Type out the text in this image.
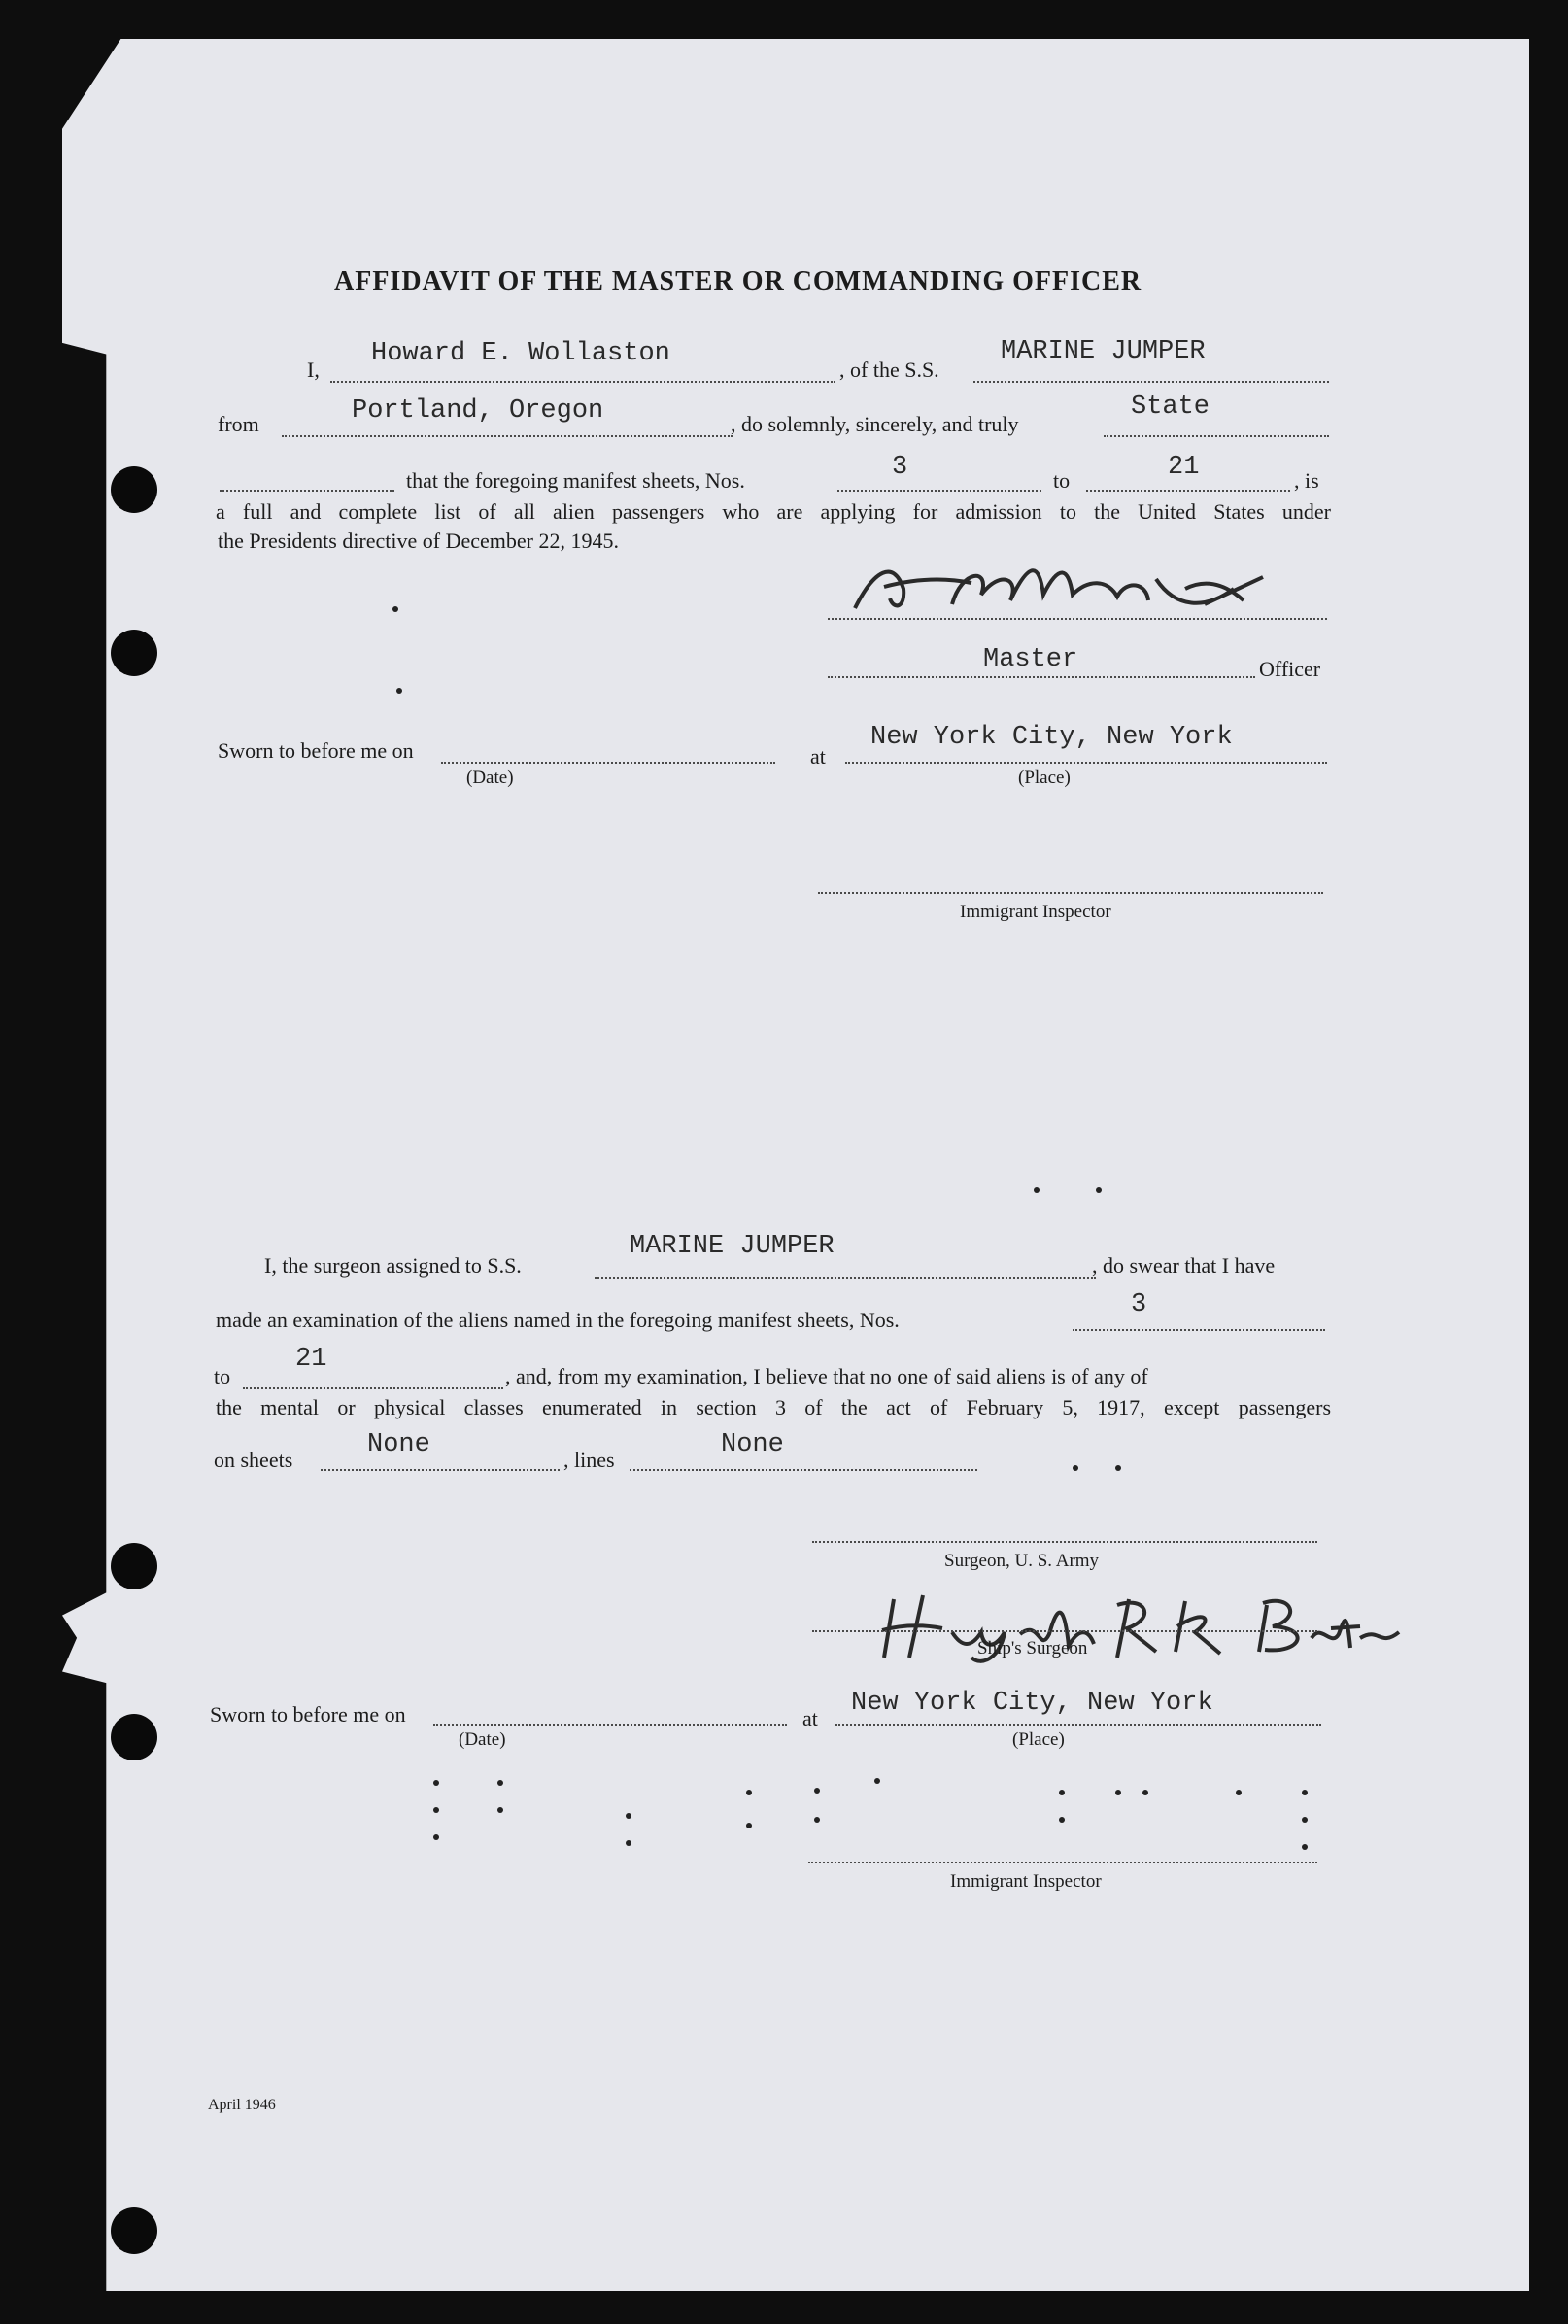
AFFIDAVIT OF THE MASTER OR COMMANDING OFFICER
I,
Howard E. Wollaston
, of the S.S.
MARINE JUMPER
from	Portland, Oregon	, do solemnly, sincerely, and truly
State
that the foregoing manifest sheets, Nos.	3	to	21	, is
a full and complete list of all alien passengers who are applying for admission to the United States under
the Presidents directive of December 22, 1945.
Master	Officer
Sworn to before me on
(Date)
at
New York City, New York
(Place)
Immigrant Inspector
I, the surgeon assigned to S.S.
MARINE JUMPER
, do swear that I have
made an examination of the aliens named in the foregoing manifest sheets, Nos.
3
to
21
, and, from my examination, I believe that no one of said aliens is of any of
the mental or physical classes enumerated in section 3 of the act of February 5, 1917, except passengers
on sheets
None
, lines
None
Surgeon, U. S. Army
Ship's Surgeon
Sworn to before me on
(Date)
at
New York City, New York
(Place)
Immigrant Inspector
April 1946
